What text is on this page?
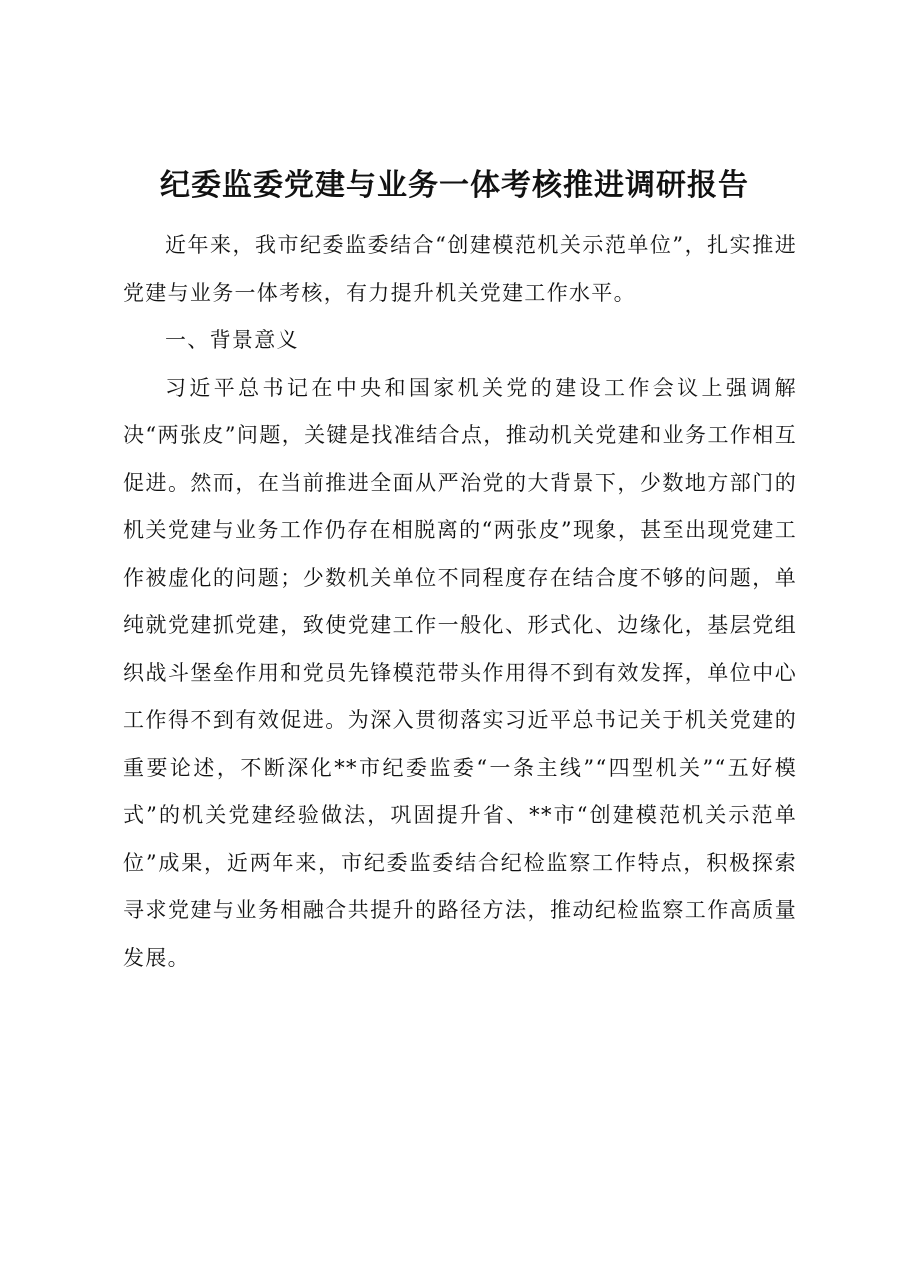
纪委监委党建与业务一体考核推进调研报告

近年来，我市纪委监委结合“创建模范机关示范单位”，扎实推进党建与业务一体考核，有力提升机关党建工作水平。

一、背景意义

习近平总书记在中央和国家机关党的建设工作会议上强调解决“两张皮”问题，关键是找准结合点，推动机关党建和业务工作相互促进。然而，在当前推进全面从严治党的大背景下，少数地方部门的机关党建与业务工作仍存在相脱离的“两张皮”现象，甚至出现党建工作被虚化的问题；少数机关单位不同程度存在结合度不够的问题，单纯就党建抓党建，致使党建工作一般化、形式化、边缘化，基层党组织战斗堡垒作用和党员先锋模范带头作用得不到有效发挥，单位中心工作得不到有效促进。为深入贯彻落实习近平总书记关于机关党建的重要论述，不断深化**市纪委监委“一条主线”“四型机关”“五好模式”的机关党建经验做法，巩固提升省、**市“创建模范机关示范单位”成果，近两年来，市纪委监委结合纪检监察工作特点，积极探索寻求党建与业务相融合共提升的路径方法，推动纪检监察工作高质量发展。
